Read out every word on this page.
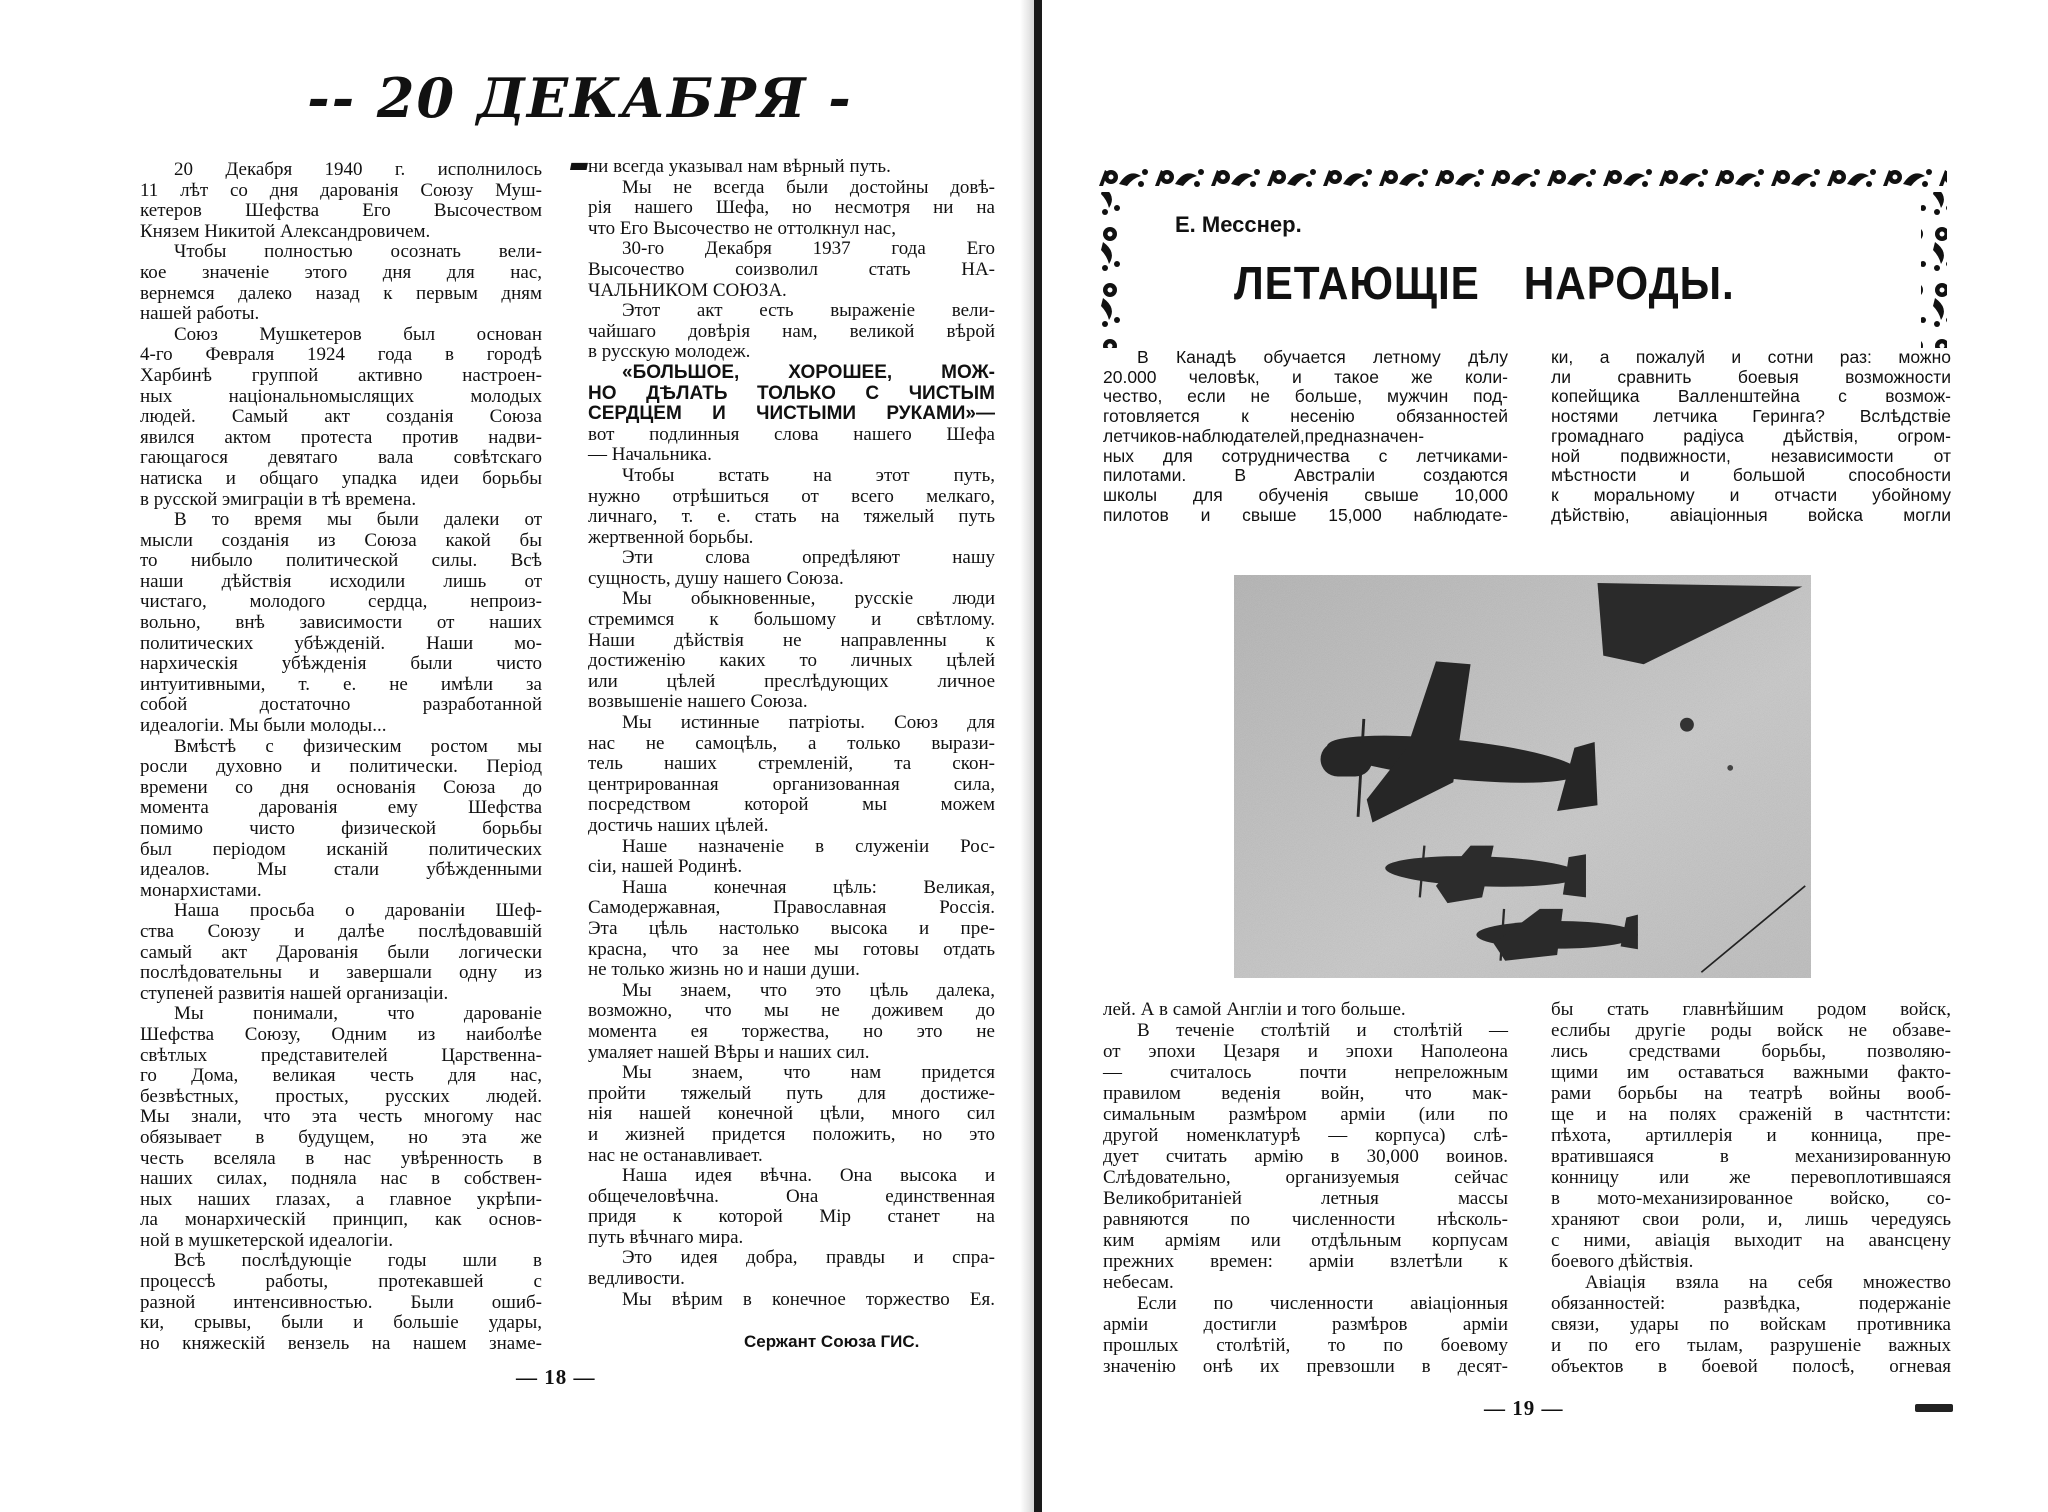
-- 20 ДЕКАБРЯ --
20 Декабря 1940 г. исполнилось
11 лѣт со дня дарованія Союзу Муш-
кетеров Шефства Его Высочеством
Князем Никитой Александровичем.
Чтобы полностью осознать вели-
кое значеніе этого дня для нас,
вернемся далеко назад к первым дням
нашей работы.
Союз Мушкетеров был основан
4-го Февраля 1924 года в городѣ
Харбинѣ группой активно настроен-
ных національномыслящих молодых
людей. Самый акт созданія Союза
явился актом протеста против надви-
гающагося девятаго вала совѣтскаго
натиска и общаго упадка идеи борьбы
в русской эмиграціи в тѣ времена.
В то время мы были далеки от
мысли созданія из Союза какой бы
то нибыло политической силы. Всѣ
наши дѣйствія исходили лишь от
чистаго, молодого сердца, непроиз-
вольно, внѣ зависимости от наших
политических убѣжденій. Наши мо-
нархическія убѣжденія были чисто
интуитивными, т. е. не имѣли за
собой достаточно разработанной
идеалогіи. Мы были молоды...
Вмѣстѣ с физическим ростом мы
росли духовно и политически. Період
времени со дня основанія Союза до
момента дарованія ему Шефства
помимо чисто физической борьбы
был періодом исканій политических
идеалов. Мы стали убѣжденными
монархистами.
Наша просьба о дарованіи Шеф-
ства Союзу и далѣе послѣдовавшій
самый акт Дарованія были логически
послѣдовательны и завершали одну из
ступеней развитія нашей организаціи.
Мы понимали, что дарованіе
Шефства Союзу, Одним из наиболѣе
свѣтлых представителей Царственна-
го Дома, великая честь для нас,
безвѣстных, простых, русских людей.
Мы знали, что эта честь многому нас
обязывает в будущем, но эта же
честь вселяла в нас увѣренность в
наших силах, подняла нас в собствен-
ных наших глазах, а главное укрѣпи-
ла монархическій принцип, как основ-
ной в мушкетерской идеалогіи.
Всѣ послѣдующіе годы шли в
процессѣ работы, протекавшей с
разной интенсивностью. Были ошиб-
ки, срывы, были и большіе удары,
но княжескій вензель на нашем знаме-
ни всегда указывал нам вѣрный путь.
Мы не всегда были достойны довѣ-
рія нашего Шефа, но несмотря ни на
что Его Высочество не оттолкнул нас,
30-го Декабря 1937 года Его
Высочество соизволил стать НА-
ЧАЛЬНИКОМ СОЮЗА.
Этот акт есть выраженіе вели-
чайшаго довѣрія нам, великой вѣрой
в русскую молодеж.
«БОЛЬШОЕ, ХОРОШЕЕ, МОЖ-
НО ДѢЛАТЬ ТОЛЬКО С ЧИСТЫМ
СЕРДЦЕМ И ЧИСТЫМИ РУКАМИ»—
вот подлинныя слова нашего Шефа
— Начальника.
Чтобы встать на этот путь,
нужно отрѣшиться от всего мелкаго,
личнаго, т. е. стать на тяжелый путь
жертвенной борьбы.
Эти слова опредѣляют нашу
сущность, душу нашего Союза.
Мы обыкновенные, русскіе люди
стремимся к большому и свѣтлому.
Наши дѣйствія не направленны к
достиженію каких то личных цѣлей
или цѣлей преслѣдующих личное
возвышеніе нашего Союза.
Мы истинные патріоты. Союз для
нас не самоцѣль, а только вырази-
тель наших стремленій, та скон-
центрированная организованная сила,
посредством которой мы можем
достичь наших цѣлей.
Наше назначеніе в служеніи Рос-
сіи, нашей Родинѣ.
Наша конечная цѣль: Великая,
Самодержавная, Православная Россія.
Эта цѣль настолько высока и пре-
красна, что за нее мы готовы отдать
не только жизнь но и наши души.
Мы знаем, что это цѣль далека,
возможно, что мы не доживем до
момента ея торжества, но это не
умаляет нашей Вѣры и наших сил.
Мы знаем, что нам придется
пройти тяжелый путь для достиже-
нія нашей конечной цѣли, много сил
и жизней придется положить, но это
нас не останавливает.
Наша идея вѣчна. Она высока и
общечеловѣчна. Она единственная
придя к которой Мір станет на
путь вѣчнаго мира.
Это идея добра, правды и спра-
ведливости.
Мы вѣрим в конечное торжество Ея.
Сержант Союза ГИС.
— 18 —
Е. Месснер.
ЛЕТАЮЩІЕ НАРОДЫ.
В Канадѣ обучается летному дѣлу
20.000 человѣк, и такое же коли-
чество, если не больше, мужчин под-
готовляется к несенію обязанностей
летчиков-наблюдателей,предназначен-
ных для сотрудничества с летчиками-
пилотами. В Австраліи создаются
школы для обученія свыше 10,000
пилотов и свыше 15,000 наблюдате-
ки, а пожалуй и сотни раз: можно
ли сравнить боевыя возможности
копейщика Валленштейна с возмож-
ностями летчика Геринга? Вслѣдствіе
громаднаго радіуса дѣйствія, огром-
ной подвижности, независимости от
мѣстности и большой способности
к моральному и отчасти убойному
дѣйствію, авіаціонныя войска могли
лей. А в самой Англіи и того больше.
В теченіе столѣтій и столѣтій —
от эпохи Цезаря и эпохи Наполеона
— считалось почти непреложным
правилом веденія войн, что мак-
симальным размѣром арміи (или по
другой номенклатурѣ — корпуса) слѣ-
дует считать армію в 30,000 воинов.
Слѣдовательно, организуемыя сейчас
Великобританіей летныя массы
равняются по численности нѣсколь-
ким арміям или отдѣльным корпусам
прежних времен: арміи взлетѣли к
небесам.
Если по численности авіаціонныя
арміи достигли размѣров арміи
прошлых столѣтій, то по боевому
значенію онѣ их превзошли в десят-
бы стать главнѣйшим родом войск,
еслибы другіе роды войск не обзаве-
лись средствами борьбы, позволяю-
щими им оставаться важными факто-
рами борьбы на театрѣ войны вооб-
ще и на полях сраженій в частнтсти:
пѣхота, артиллерія и конница, пре-
вратившаяся в механизированную
конницу или же перевоплотившаяся
в мото-механизированное войско, со-
храняют свои роли, и, лишь чередуясь
с ними, авіація выходит на авансцену
боевого дѣйствія.
Авіація взяла на себя множество
обязанностей: развѣдка, подержаніе
связи, удары по войскам противника
и по его тылам, разрушеніе важных
объектов в боевой полосѣ, огневая
— 19 —
